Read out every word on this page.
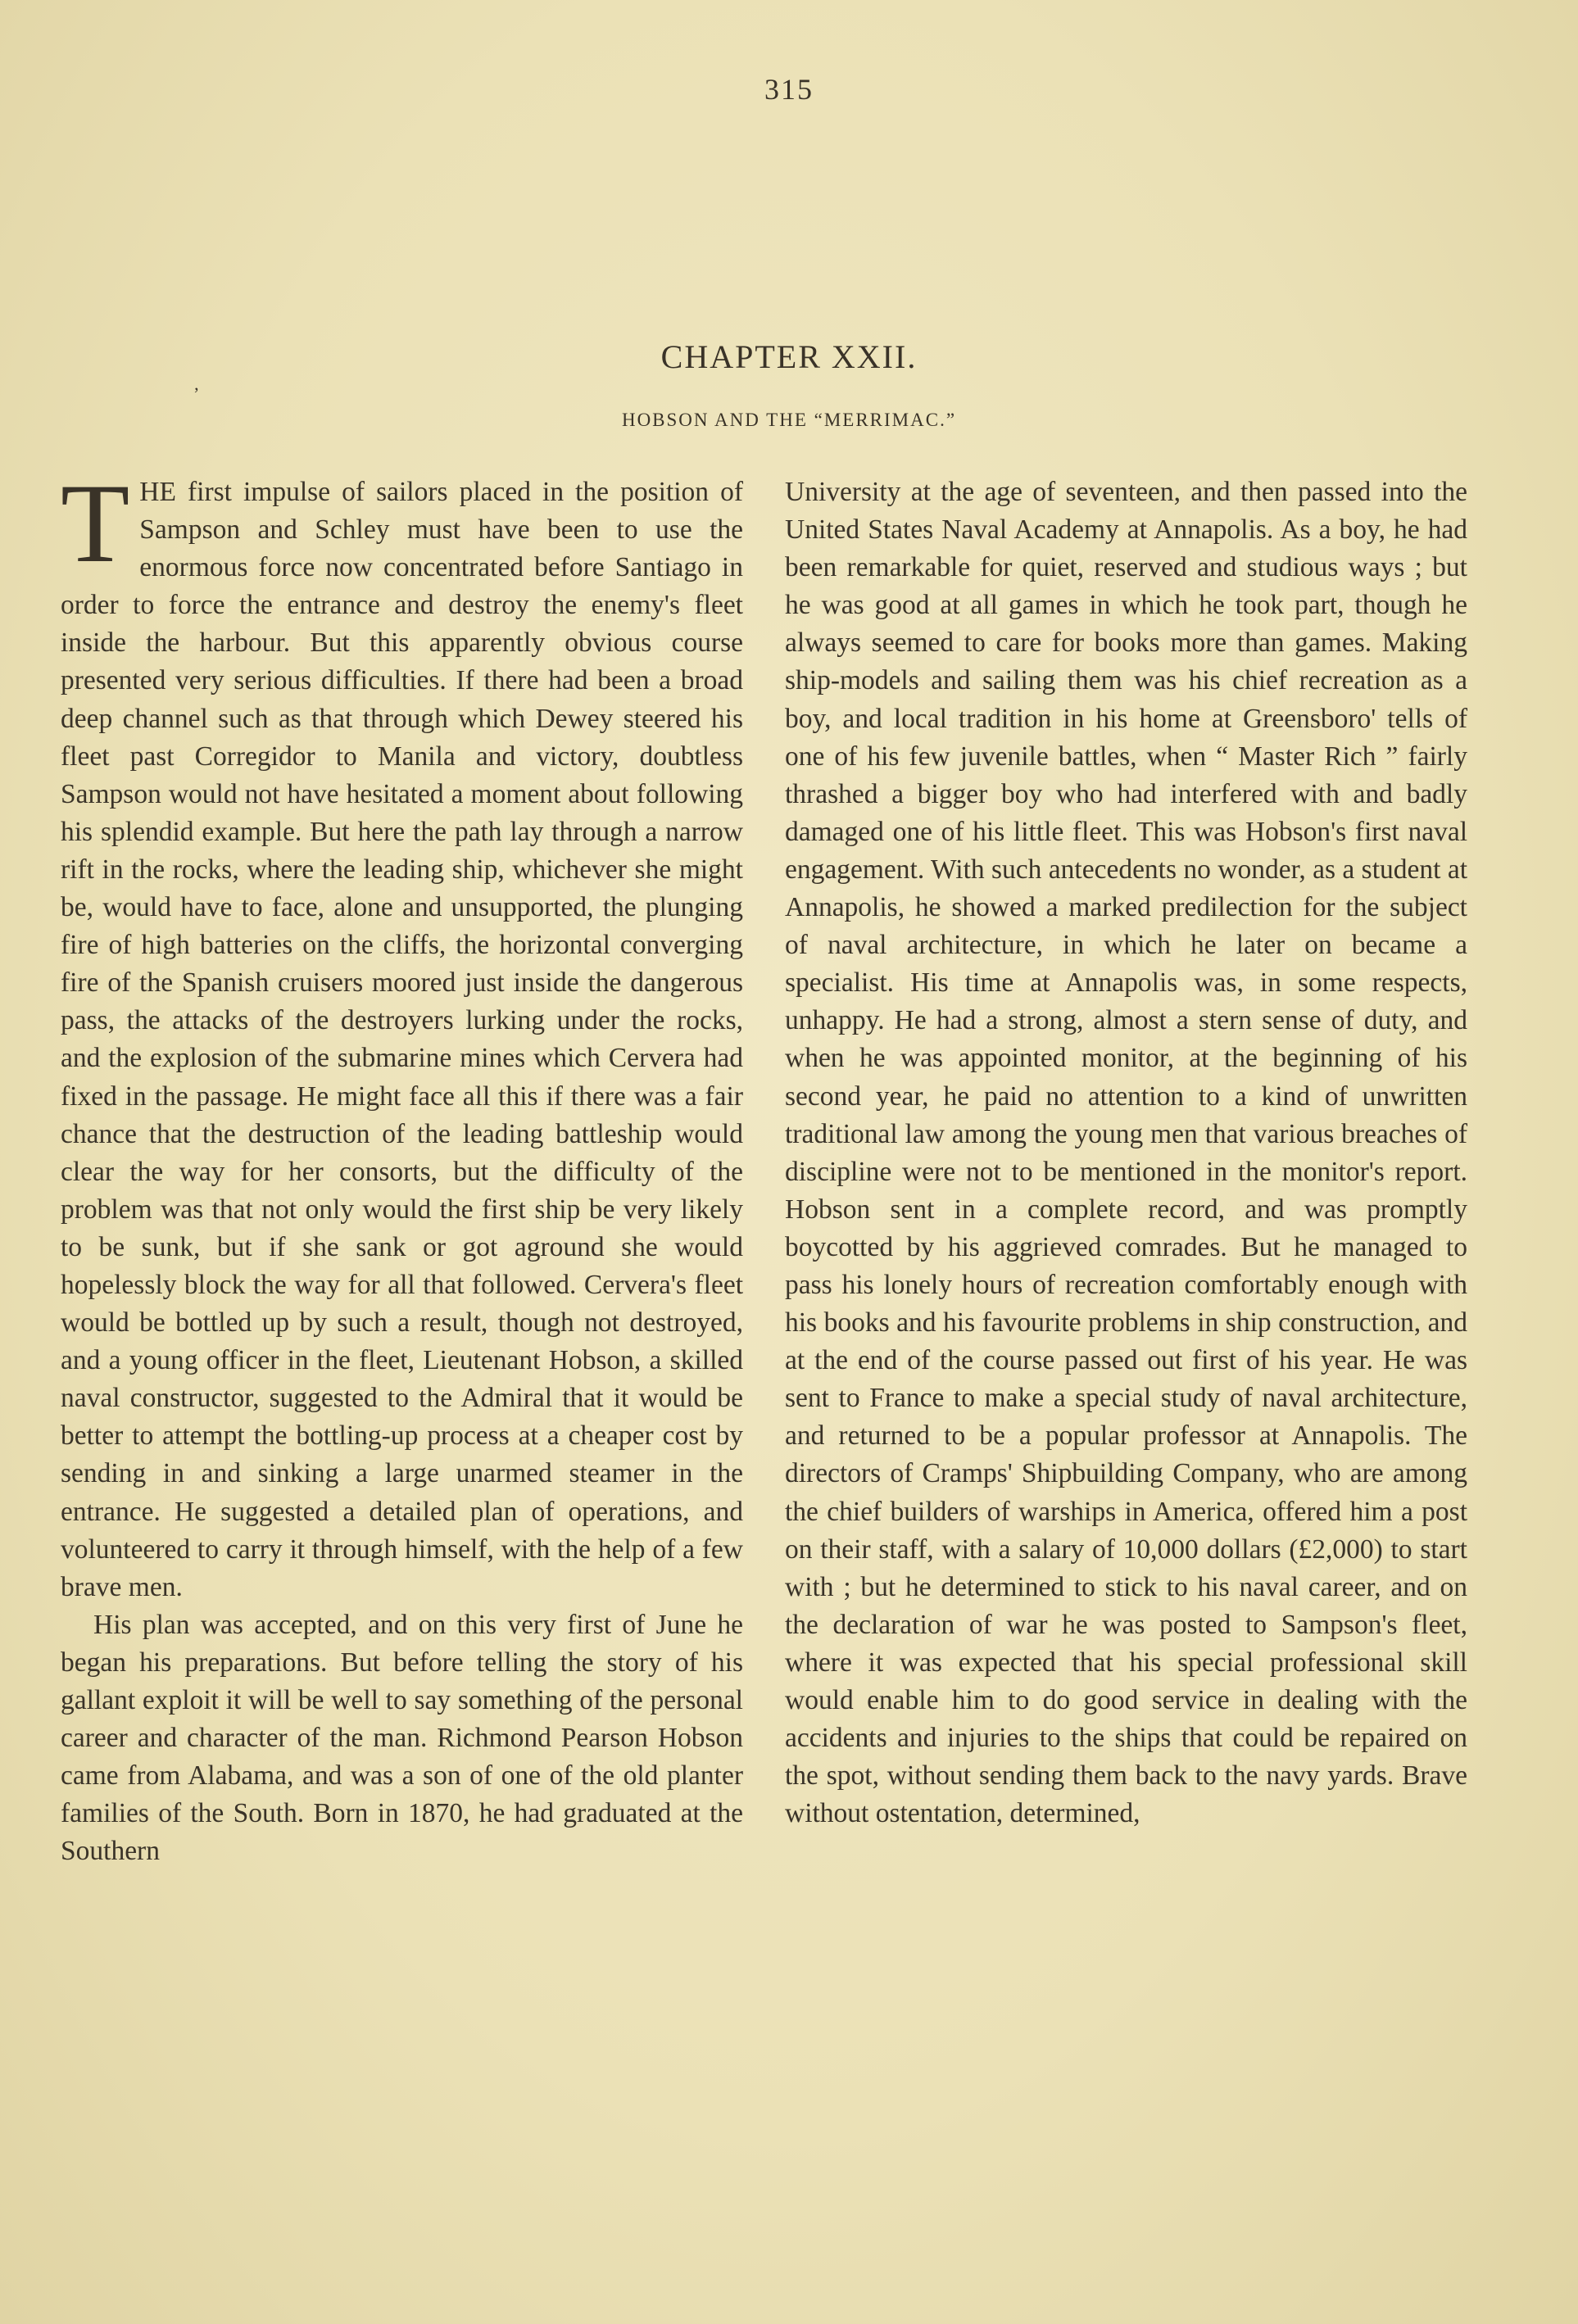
315
CHAPTER XXII.
’
HOBSON AND THE “MERRIMAC.”

THE first impulse of sailors placed in the position of Sampson and Schley must have been to use the enormous force now concentrated before Santiago in order to force the entrance and destroy the enemy's fleet inside the harbour. But this apparently obvious course presented very serious difficulties. If there had been a broad deep channel such as that through which Dewey steered his fleet past Corregidor to Manila and victory, doubtless Sampson would not have hesitated a moment about following his splendid example. But here the path lay through a narrow rift in the rocks, where the leading ship, whichever she might be, would have to face, alone and unsupported, the plunging fire of high batteries on the cliffs, the horizontal converging fire of the Spanish cruisers moored just inside the dangerous pass, the attacks of the destroyers lurking under the rocks, and the explosion of the submarine mines which Cervera had fixed in the passage. He might face all this if there was a fair chance that the destruction of the leading battleship would clear the way for her consorts, but the difficulty of the problem was that not only would the first ship be very likely to be sunk, but if she sank or got aground she would hopelessly block the way for all that followed. Cervera's fleet would be bottled up by such a result, though not destroyed, and a young officer in the fleet, Lieutenant Hobson, a skilled naval constructor, suggested to the Admiral that it would be better to attempt the bottling-up process at a cheaper cost by sending in and sinking a large unarmed steamer in the entrance. He suggested a detailed plan of operations, and volunteered to carry it through himself, with the help of a few brave men.

His plan was accepted, and on this very first of June he began his preparations. But before telling the story of his gallant exploit it will be well to say something of the personal career and character of the man. Richmond Pearson Hobson came from Alabama, and was a son of one of the old planter families of the South. Born in 1870, he had graduated at the Southern

University at the age of seventeen, and then passed into the United States Naval Academy at Annapolis. As a boy, he had been remarkable for quiet, reserved and studious ways ; but he was good at all games in which he took part, though he always seemed to care for books more than games. Making ship-models and sailing them was his chief recreation as a boy, and local tradition in his home at Greensboro' tells of one of his few juvenile battles, when “ Master Rich ” fairly thrashed a bigger boy who had interfered with and badly damaged one of his little fleet. This was Hobson's first naval engagement. With such antecedents no wonder, as a student at Annapolis, he showed a marked predilection for the subject of naval architecture, in which he later on became a specialist. His time at Annapolis was, in some respects, unhappy. He had a strong, almost a stern sense of duty, and when he was appointed monitor, at the beginning of his second year, he paid no attention to a kind of unwritten traditional law among the young men that various breaches of discipline were not to be mentioned in the monitor's report. Hobson sent in a complete record, and was promptly boycotted by his aggrieved comrades. But he managed to pass his lonely hours of recreation comfortably enough with his books and his favourite problems in ship construction, and at the end of the course passed out first of his year. He was sent to France to make a special study of naval architecture, and returned to be a popular professor at Annapolis. The directors of Cramps' Shipbuilding Company, who are among the chief builders of warships in America, offered him a post on their staff, with a salary of 10,000 dollars (£2,000) to start with ; but he determined to stick to his naval career, and on the declaration of war he was posted to Sampson's fleet, where it was expected that his special professional skill would enable him to do good service in dealing with the accidents and injuries to the ships that could be repaired on the spot, without sending them back to the navy yards. Brave without ostentation, determined,
